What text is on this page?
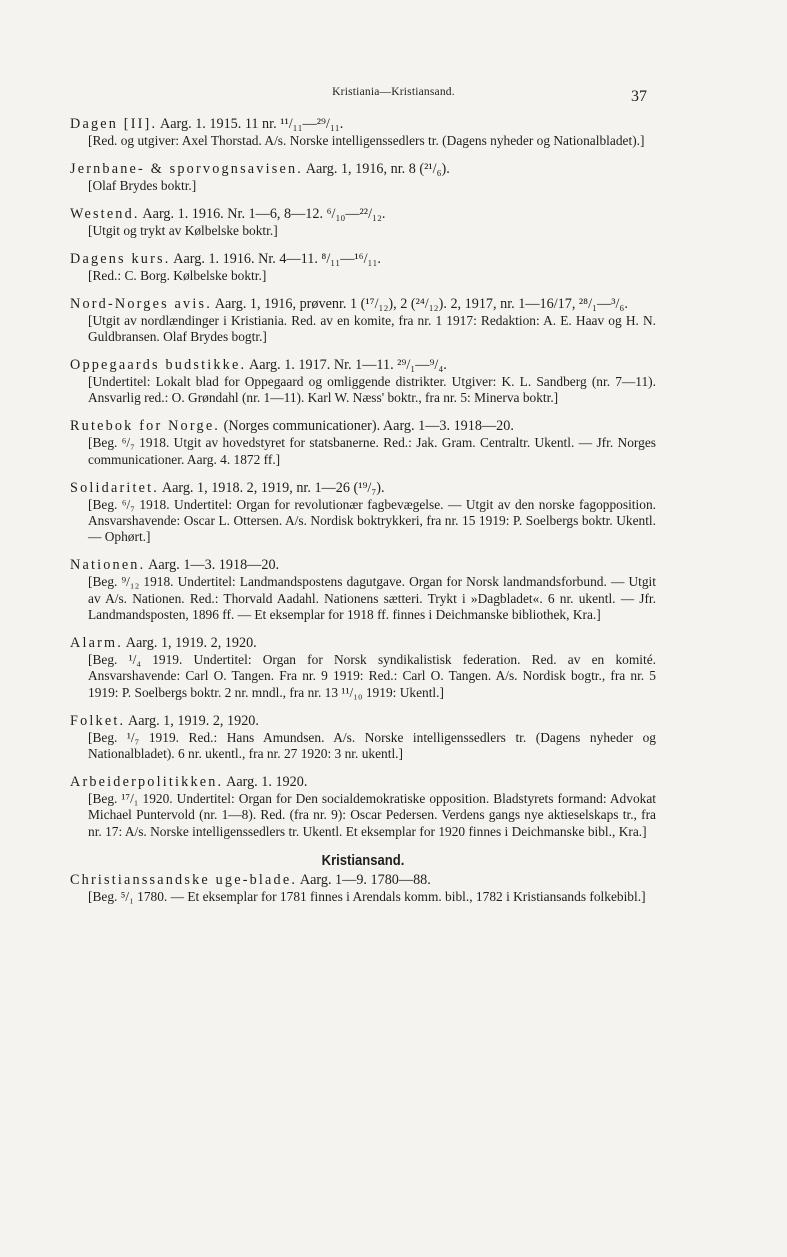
Kristiania—Kristiansand.	37
Dagen [II]. Aarg. 1. 1915. 11 nr. ¹¹/₁₁—²⁹/₁₁.
[Red. og utgiver: Axel Thorstad. A/s. Norske intelligenssedlers tr. (Dagens nyheder og Nationalbladet).]
Jernbane- & sporvognsavisen. Aarg. 1, 1916, nr. 8 (²¹/₆).
[Olaf Brydes boktr.]
Westend. Aarg. 1. 1916. Nr. 1—6, 8—12. ⁶/₁₀—²²/₁₂.
[Utgit og trykt av Kølbelske boktr.]
Dagens kurs. Aarg. 1. 1916. Nr. 4—11. ⁸/₁₁—¹⁶/₁₁.
[Red.: C. Borg. Kølbelske boktr.]
Nord-Norges avis. Aarg. 1, 1916, prøvenr. 1 (¹⁷/₁₂), 2 (²⁴/₁₂). 2, 1917, nr. 1—16/17, ²⁸/₁—³/₆.
[Utgit av nordlændinger i Kristiania. Red. av en komite, fra nr. 1 1917: Redaktion: A. E. Haav og H. N. Guldbransen. Olaf Brydes bogtr.]
Oppegaards budstikke. Aarg. 1. 1917. Nr. 1—11. ²⁹/₁—⁹/₄.
[Undertitel: Lokalt blad for Oppegaard og omliggende distrikter. Utgiver: K. L. Sandberg (nr. 7—11). Ansvarlig red.: O. Grøndahl (nr. 1—11). Karl W. Næss' boktr., fra nr. 5: Minerva boktr.]
Rutebok for Norge. (Norges communicationer). Aarg. 1—3. 1918—20.
[Beg. ⁶/₇ 1918. Utgit av hovedstyret for statsbanerne. Red.: Jak. Gram. Centraltr. Ukentl. — Jfr. Norges communicationer. Aarg. 4. 1872 ff.]
Solidaritet. Aarg. 1, 1918. 2, 1919, nr. 1—26 (¹⁹/₇).
[Beg. ⁶/₇ 1918. Undertitel: Organ for revolutionær fagbevægelse. — Utgit av den norske fagopposition. Ansvarshavende: Oscar L. Ottersen. A/s. Nordisk boktrykkeri, fra nr. 15 1919: P. Soelbergs boktr. Ukentl. — Ophørt.]
Nationen. Aarg. 1—3. 1918—20.
[Beg. ⁹/₁₂ 1918. Undertitel: Landmandspostens dagutgave. Organ for Norsk landmandsforbund. — Utgit av A/s. Nationen. Red.: Thorvald Aadahl. Nationens sætteri. Trykt i »Dagbladet«. 6 nr. ukentl. — Jfr. Landmandsposten, 1896 ff. — Et eksemplar for 1918 ff. finnes i Deichmanske bibliothek, Kra.]
Alarm. Aarg. 1, 1919. 2, 1920.
[Beg. ¹/₄ 1919. Undertitel: Organ for Norsk syndikalistisk federation. Red. av en komité. Ansvarshavende: Carl O. Tangen. Fra nr. 9 1919: Red.: Carl O. Tangen. A/s. Nordisk bogtr., fra nr. 5 1919: P. Soelbergs boktr. 2 nr. mndl., fra nr. 13 ¹¹/₁₀ 1919: Ukentl.]
Folket. Aarg. 1, 1919. 2, 1920.
[Beg. ¹/₇ 1919. Red.: Hans Amundsen. A/s. Norske intelligenssedlers tr. (Dagens nyheder og Nationalbladet). 6 nr. ukentl., fra nr. 27 1920: 3 nr. ukentl.]
Arbeiderpolitikken. Aarg. 1. 1920.
[Beg. ¹⁷/₁ 1920. Undertitel: Organ for Den socialdemokratiske opposition. Bladstyrets formand: Advokat Michael Puntervold (nr. 1—8). Red. (fra nr. 9): Oscar Pedersen. Verdens gangs nye aktieselskaps tr., fra nr. 17: A/s. Norske intelligenssedlers tr. Ukentl. Et eksemplar for 1920 finnes i Deichmanske bibl., Kra.]
Kristiansand.
Christianssandske uge-blade. Aarg. 1—9. 1780—88.
[Beg. ⁵/₁ 1780. — Et eksemplar for 1781 finnes i Arendals komm. bibl., 1782 i Kristiansands folkebibl.]
